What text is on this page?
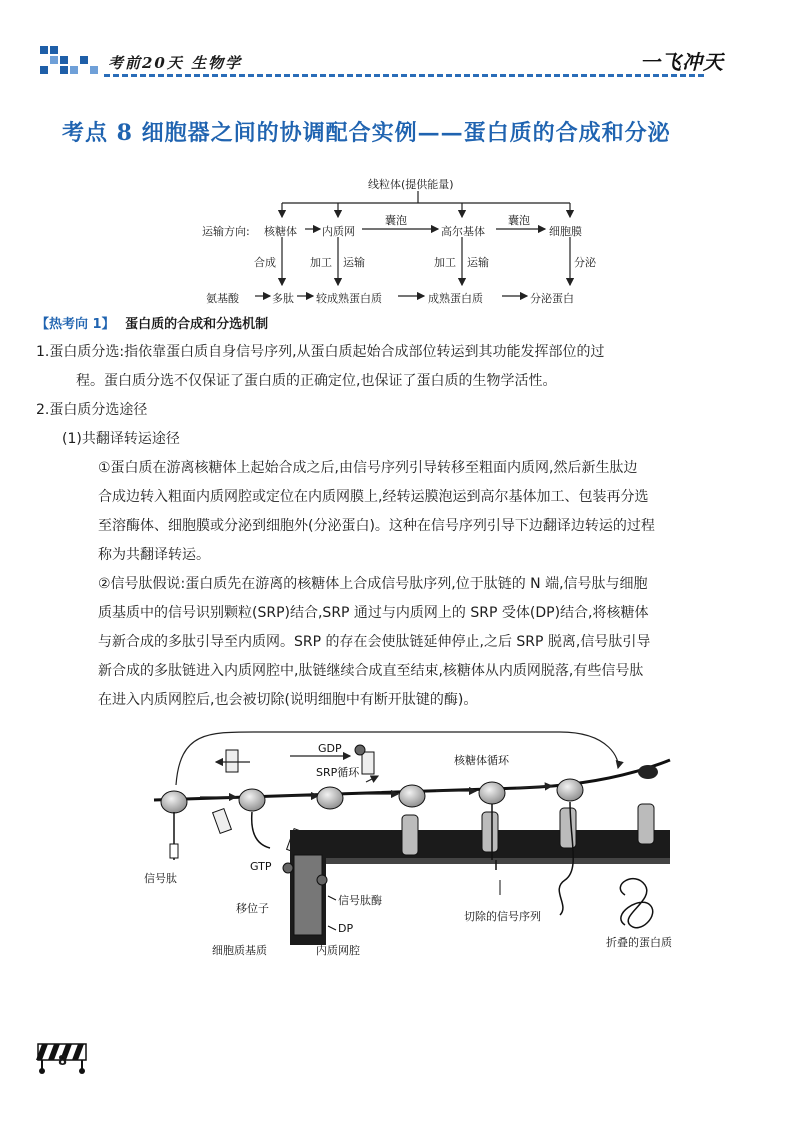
考前20天 生物学	一飞冲天
考点 8 细胞器之间的协调配合实例——蛋白质的合成和分泌
线粒体(提供能量)
运输方向: 核糖体 内质网	高尔基体	细胞膜
囊泡	囊泡
合成	加工 运输	加工 运输	分泌
氨基酸	多肽 较成熟蛋白质	成熟蛋白质	分泌蛋白
【热考向 1】 蛋白质的合成和分选机制
1.蛋白质分选:指依靠蛋白质自身信号序列,从蛋白质起始合成部位转运到其功能发挥部位的过
程。蛋白质分选不仅保证了蛋白质的正确定位,也保证了蛋白质的生物学活性。
2.蛋白质分选途径
(1)共翻译转运途径
①蛋白质在游离核糖体上起始合成之后,由信号序列引导转移至粗面内质网,然后新生肽边
合成边转入粗面内质网腔或定位在内质网膜上,经转运膜泡运到高尔基体加工、包装再分选
至溶酶体、细胞膜或分泌到细胞外(分泌蛋白)。这种在信号序列引导下边翻译边转运的过程
称为共翻译转运。
②信号肽假说:蛋白质先在游离的核糖体上合成信号肽序列,位于肽链的 N 端,信号肽与细胞
质基质中的信号识别颗粒(SRP)结合,SRP 通过与内质网上的 SRP 受体(DP)结合,将核糖体
与新合成的多肽引导至内质网。SRP 的存在会使肽链延伸停止,之后 SRP 脱离,信号肽引导
新合成的多肽链进入内质网腔中,肽链继续合成直至结束,核糖体从内质网脱落,有些信号肽
在进入内质网腔后,也会被切除(说明细胞中有断开肽键的酶)。
GDP
SRP循环
核糖体循环
信号肽
GTP
信号肽酶
移位子
DP
细胞质基质	内质网腔
切除的信号序列
折叠的蛋白质
8
